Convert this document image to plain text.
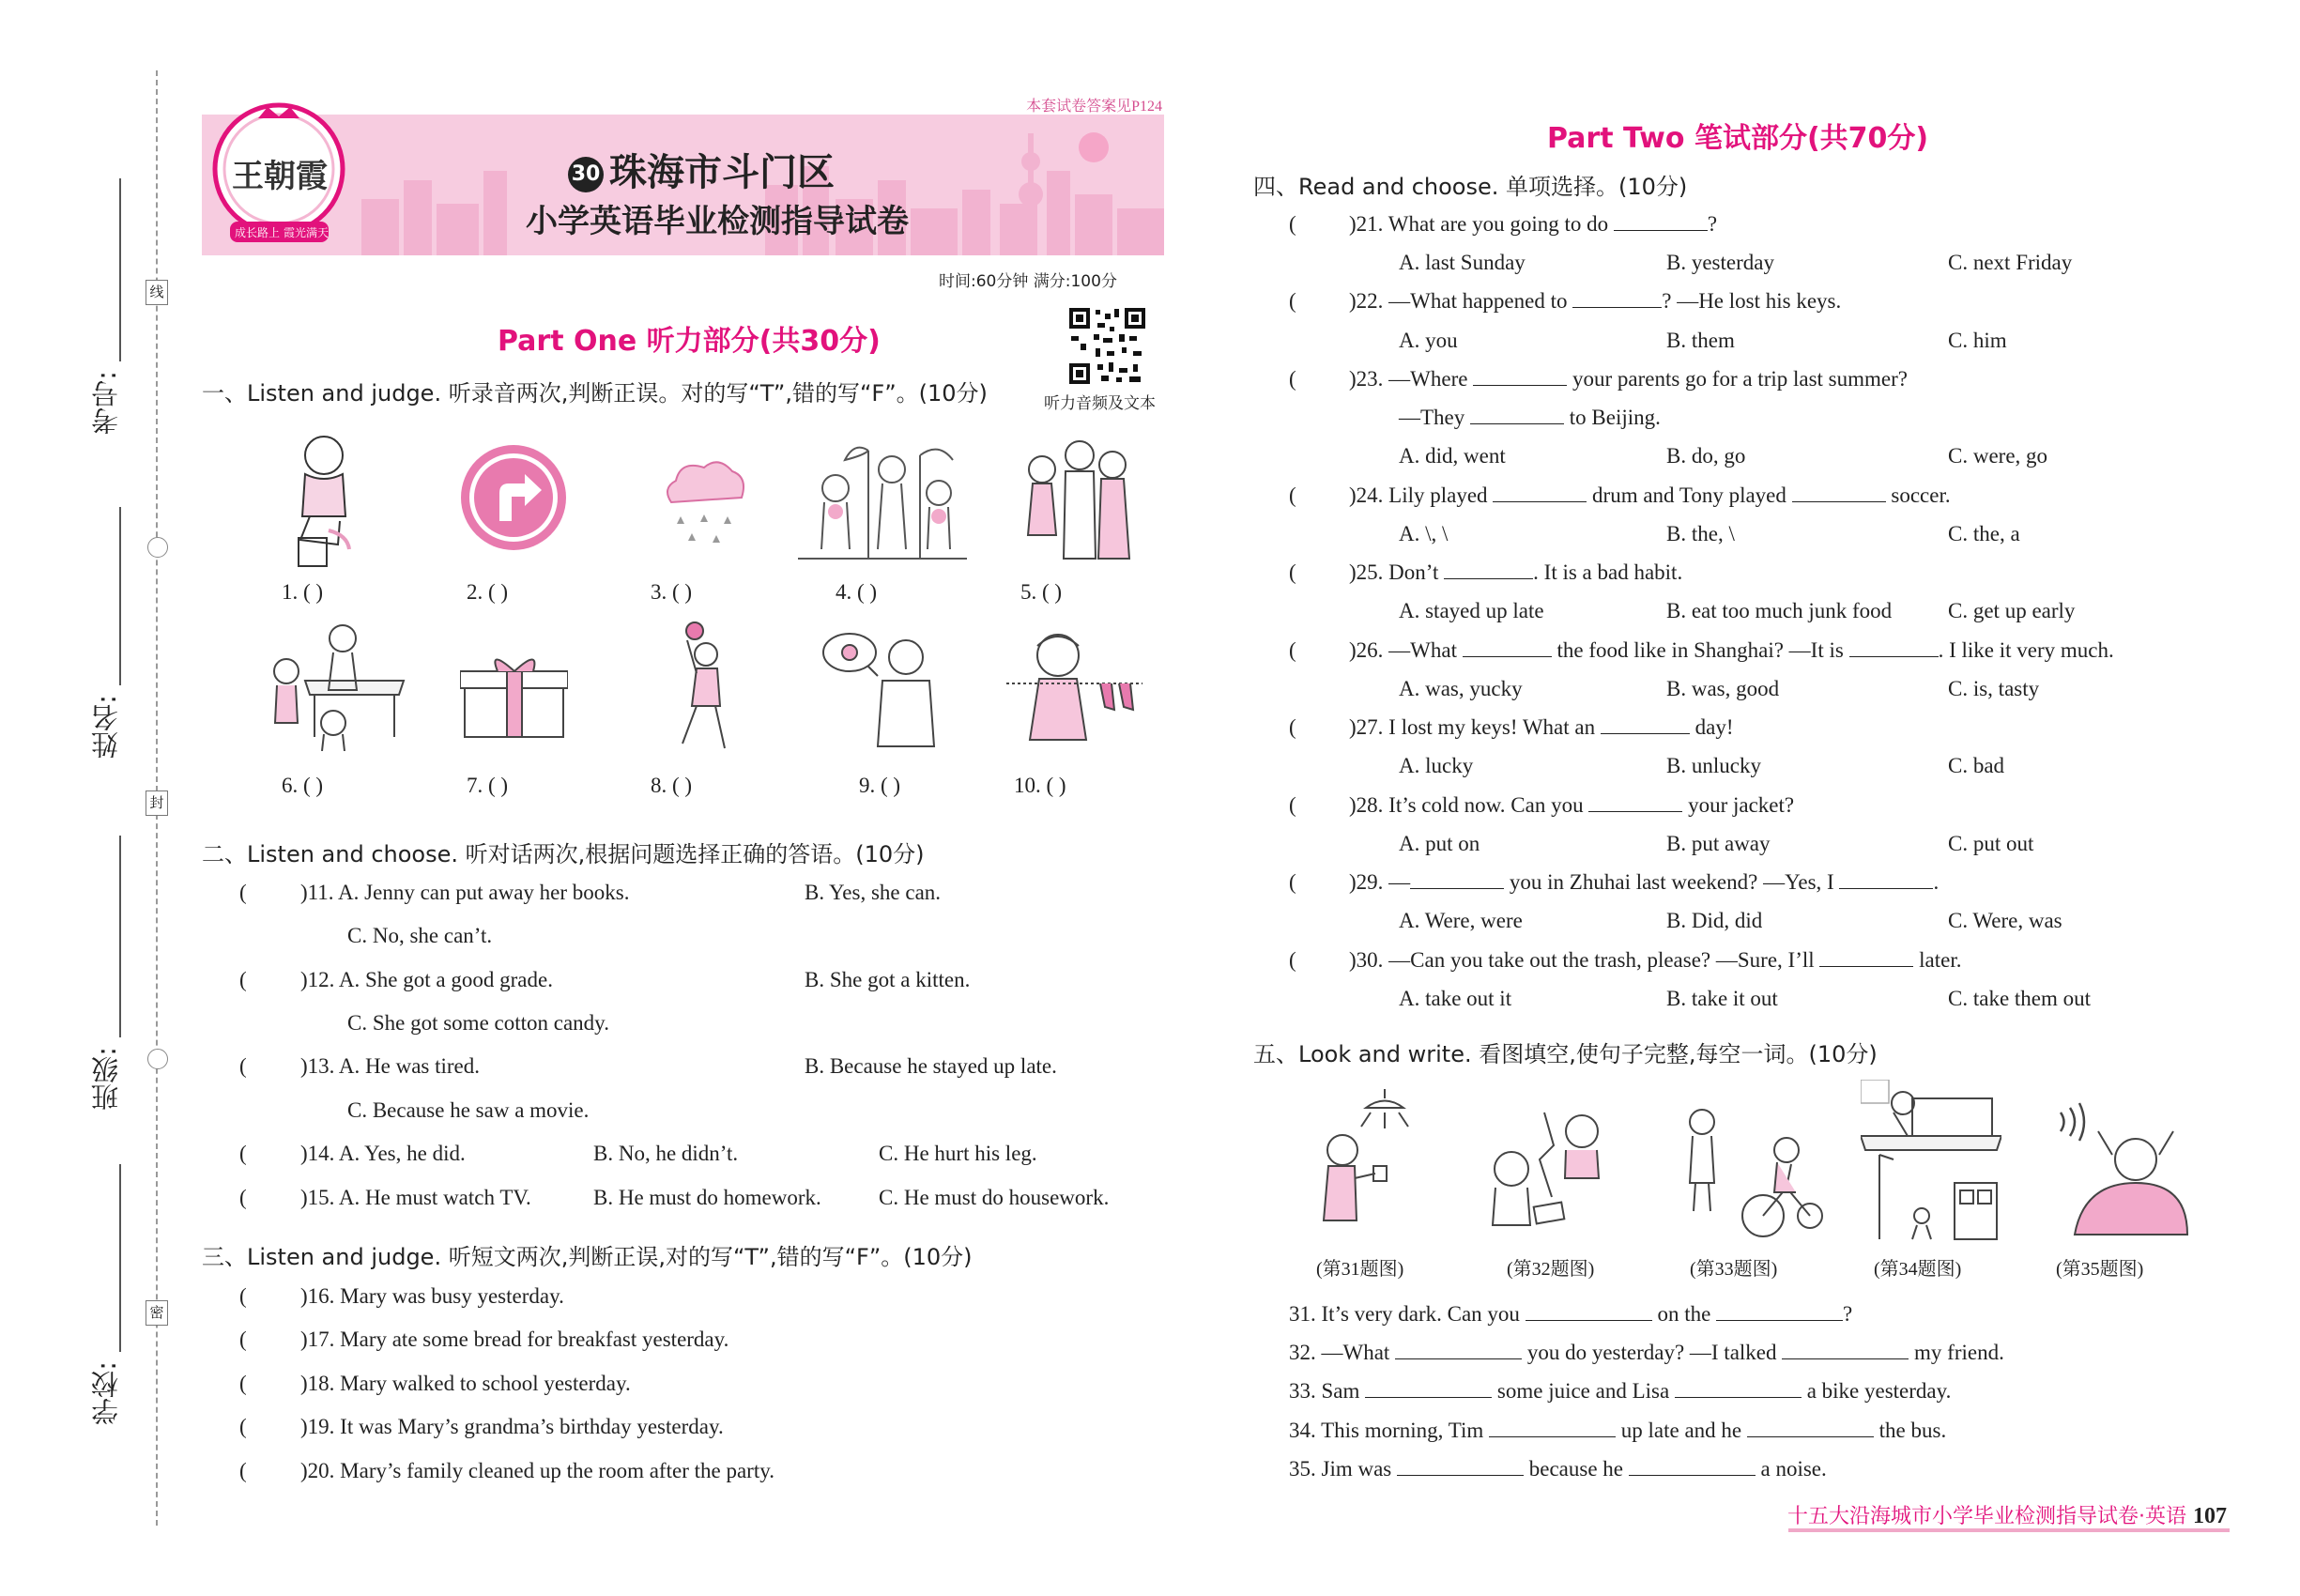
考号:
姓名:
班级:
学校:
线
封
密
本套试卷答案见P124
30 珠海市斗门区
小学英语毕业检测指导试卷
王朝霞
成长路上 霞光满天
时间:60分钟 满分:100分
听力音频及文本
Part One 听力部分(共30分)
一、Listen and judge. 听录音两次,判断正误。对的写“T”,错的写“F”。(10分)
1. ( )	2. ( )	3. ( )	4. ( )	5. ( )
6. ( )	7. ( )	8. ( )	9. ( )	10. ( )
二、Listen and choose. 听对话两次,根据问题选择正确的答语。(10分)
( )11. A. Jenny can put away her books.	B. Yes, she can.
C. No, she can’t.
( )12. A. She got a good grade.	B. She got a kitten.
C. She got some cotton candy.
( )13. A. He was tired.	B. Because he stayed up late.
C. Because he saw a movie.
( )14. A. Yes, he did.	B. No, he didn’t.	C. He hurt his leg.
( )15. A. He must watch TV.	B. He must do homework.	C. He must do housework.
三、Listen and judge. 听短文两次,判断正误,对的写“T”,错的写“F”。(10分)
( )16. Mary was busy yesterday.
( )17. Mary ate some bread for breakfast yesterday.
( )18. Mary walked to school yesterday.
( )19. It was Mary’s grandma’s birthday yesterday.
( )20. Mary’s family cleaned up the room after the party.
Part Two 笔试部分(共70分)
四、Read and choose. 单项选择。(10分)
( )21. What are you going to do	?
A. last Sunday	B. yesterday	C. next Friday
( )22. —What happened to	? —He lost his keys.
A. you	B. them	C. him
( )23. —Where	your parents go for a trip last summer?
—They	to Beijing.
A. did, went	B. do, go	C. were, go
( )24. Lily played	drum and Tony played	soccer.
A. \, \	B. the, \	C. the, a
( )25. Don’t	. It is a bad habit.
A. stayed up late	B. eat too much junk food	C. get up early
( )26. —What	the food like in Shanghai? —It is	. I like it very much.
A. was, yucky	B. was, good	C. is, tasty
( )27. I lost my keys! What an	day!
A. lucky	B. unlucky	C. bad
( )28. It’s cold now. Can you	your jacket?
A. put on	B. put away	C. put out
( )29. —	you in Zhuhai last weekend? —Yes, I	.
A. Were, were	B. Did, did	C. Were, was
( )30. —Can you take out the trash, please? —Sure, I’ll	later.
A. take out it	B. take it out	C. take them out
五、Look and write. 看图填空,使句子完整,每空一词。(10分)
(第31题图)	(第32题图)	(第33题图)	(第34题图)	(第35题图)
31. It’s very dark. Can you	on the	?
32. —What	you do yesterday? —I talked	my friend.
33. Sam	some juice and Lisa	a bike yesterday.
34. This morning, Tim	up late and he	the bus.
35. Jim was	because he	a noise.
十五大沿海城市小学毕业检测指导试卷·英语 107
